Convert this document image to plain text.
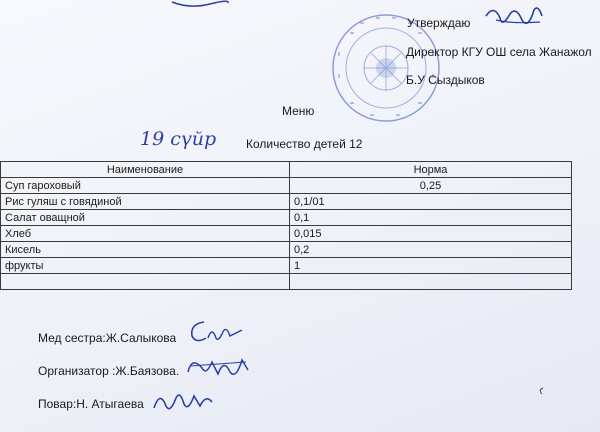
Утверждаю
Директор КГУ ОШ села Жанажол
Б.У Сыздыков
Меню
19 сүйр Количество детей 12
Наименование	Норма
Суп гароховый	0,25
Рис гуляш с говядиной	0,1/01
Салат оващной	0,1
Хлеб	0,015
Кисель	0,2
фрукты	1

Мед сестра:Ж.Салыкова
Организатор :Ж.Баязова.
Повар:Н. Атыгаева
